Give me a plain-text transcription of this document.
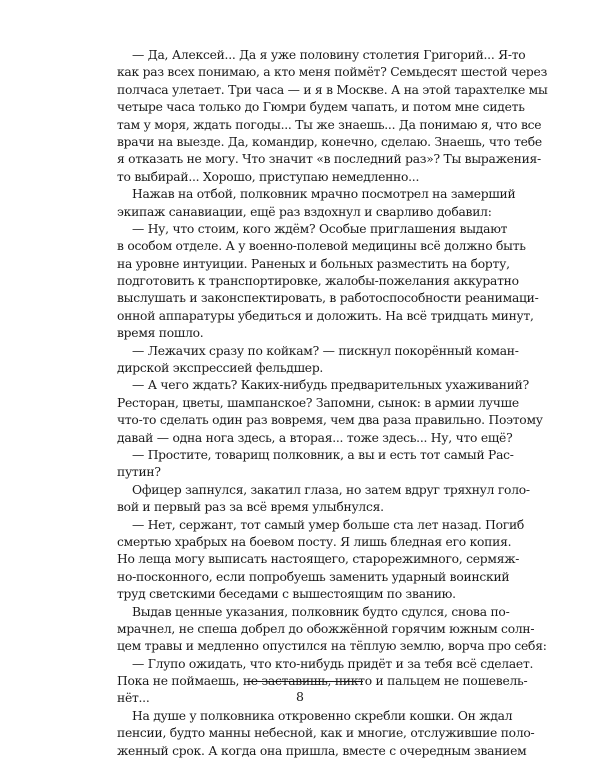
— Да, Алексей... Да я уже половину столетия Григорий... Я-то
как раз всех понимаю, а кто меня поймёт? Семьдесят шестой через
полчаса улетает. Три часа — и я в Москве. А на этой тарахтелке мы
четыре часа только до Гюмри будем чапать, и потом мне сидеть
там у моря, ждать погоды... Ты же знаешь... Да понимаю я, что все
врачи на выезде. Да, командир, конечно, сделаю. Знаешь, что тебе
я отказать не могу. Что значит «в последний раз»? Ты выражения-
то выбирай... Хорошо, приступаю немедленно...
Нажав на отбой, полковник мрачно посмотрел на замерший
экипаж санавиации, ещё раз вздохнул и сварливо добавил:
— Ну, что стоим, кого ждём? Особые приглашения выдают
в особом отделе. А у военно-полевой медицины всё должно быть
на уровне интуиции. Раненых и больных разместить на борту,
подготовить к транспортировке, жалобы-пожелания аккуратно
выслушать и законспектировать, в работоспособности реанимаци-
онной аппаратуры убедиться и доложить. На всё тридцать минут,
время пошло.
— Лежачих сразу по койкам? — пискнул покорённый коман-
дирской экспрессией фельдшер.
— А чего ждать? Каких-нибудь предварительных ухаживаний?
Ресторан, цветы, шампанское? Запомни, сынок: в армии лучше
что-то сделать один раз вовремя, чем два раза правильно. Поэтому
давай — одна нога здесь, а вторая... тоже здесь... Ну, что ещё?
— Простите, товарищ полковник, а вы и есть тот самый Рас-
путин?
Офицер запнулся, закатил глаза, но затем вдруг тряхнул голо-
вой и первый раз за всё время улыбнулся.
— Нет, сержант, тот самый умер больше ста лет назад. Погиб
смертью храбрых на боевом посту. Я лишь бледная его копия.
Но леща могу выписать настоящего, старорежимного, сермяж-
но-посконного, если попробуешь заменить ударный воинский
труд светскими беседами с вышестоящим по званию.
Выдав ценные указания, полковник будто сдулся, снова по-
мрачнел, не спеша добрел до обожжённой горячим южным солн-
цем травы и медленно опустился на тёплую землю, ворча про себя:
— Глупо ожидать, что кто-нибудь придёт и за тебя всё сделает.
Пока не поймаешь, не заставишь, никто и пальцем не пошевель-
нёт...
На душе у полковника откровенно скребли кошки. Он ждал
пенсии, будто манны небесной, как и многие, отслужившие поло-
женный срок. А когда она пришла, вместе с очередным званием
8
